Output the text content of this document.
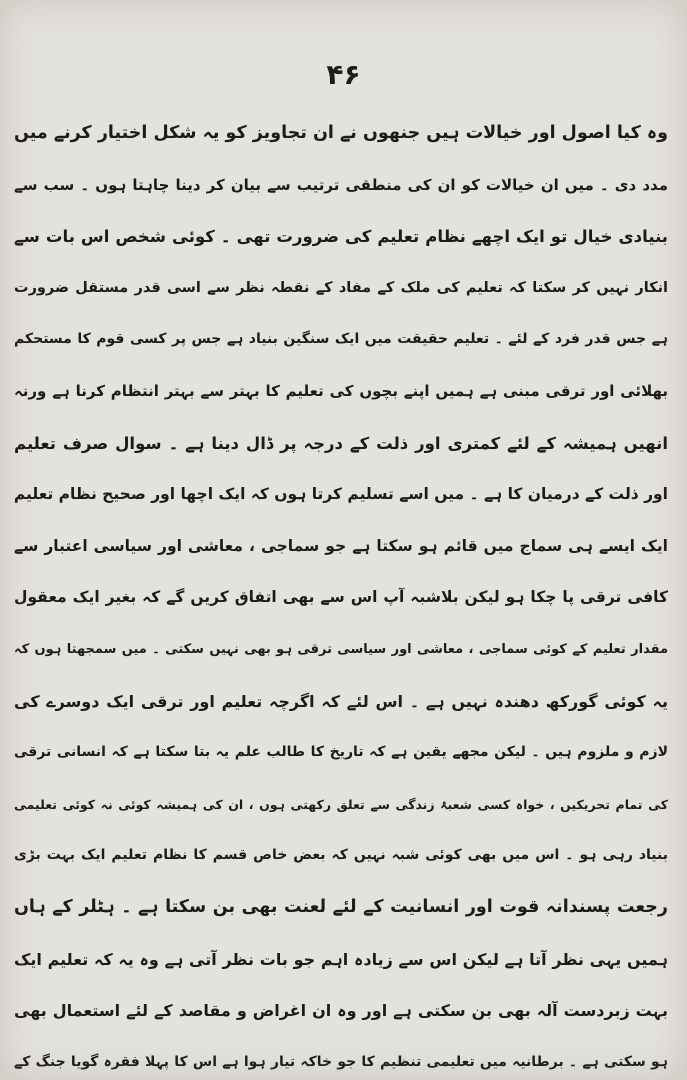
۴۶
وہ کیا اصول اور خیالات ہیں جنھوں نے ان تجاویز کو یہ شکل اختیار کرنے میں
مدد دی ۔ میں ان خیالات کو ان کی منطقی ترتیب سے بیان کر دینا چاہتا ہوں ۔ سب سے
بنیادی خیال تو ایک اچھے نظام تعلیم کی ضرورت تھی ۔ کوئی شخص اس بات سے
انکار نہیں کر سکتا کہ تعلیم کی ملک کے مفاد کے نقطہ نظر سے اسی قدر مستقل ضرورت
ہے جس قدر فرد کے لئے ۔ تعلیم حقیقت میں ایک سنگین بنیاد ہے جس پر کسی قوم کا مستحکم
بھلائی اور ترقی مبنی ہے ہمیں اپنے بچوں کی تعلیم کا بہتر سے بہتر انتظام کرنا ہے ورنہ
انھیں ہمیشہ کے لئے کمتری اور ذلت کے درجہ پر ڈال دینا ہے ۔ سوال صرف تعلیم
اور ذلت کے درمیان کا ہے ۔ میں اسے تسلیم کرتا ہوں کہ ایک اچھا اور صحیح نظام تعلیم
ایک ایسے ہی سماج میں قائم ہو سکتا ہے جو سماجی ، معاشی اور سیاسی اعتبار سے
کافی ترقی پا چکا ہو لیکن بلاشبہ آپ اس سے بھی اتفاق کریں گے کہ بغیر ایک معقول
مقدار تعلیم کے کوئی سماجی ، معاشی اور سیاسی ترقی ہو بھی نہیں سکتی ۔ میں سمجھتا ہوں کہ
یہ کوئی گورکھ دھندہ نہیں ہے ۔ اس لئے کہ اگرچہ تعلیم اور ترقی ایک دوسرے کی
لازم و ملزوم ہیں ۔ لیکن مجھے یقین ہے کہ تاریخ کا طالب علم یہ بتا سکتا ہے کہ انسانی ترقی
کی تمام تحریکیں ، خواہ کسی شعبۂ زندگی سے تعلق رکھتی ہوں ، ان کی ہمیشہ کوئی نہ کوئی تعلیمی
بنیاد رہی ہو ۔ اس میں بھی کوئی شبہ نہیں کہ بعض خاص قسم کا نظام تعلیم ایک بہت بڑی
رجعت پسندانہ قوت اور انسانیت کے لئے لعنت بھی بن سکتا ہے ۔ ہٹلر کے ہاں
ہمیں یہی نظر آتا ہے لیکن اس سے زیادہ اہم جو بات نظر آتی ہے وہ یہ کہ تعلیم ایک
بہت زبردست آلہ بھی بن سکتی ہے اور وہ ان اغراض و مقاصد کے لئے استعمال بھی
ہو سکتی ہے ۔ برطانیہ میں تعلیمی تنظیم کا جو خاکہ تیار ہوا ہے اس کا پہلا فقرہ گویا جنگ کے
